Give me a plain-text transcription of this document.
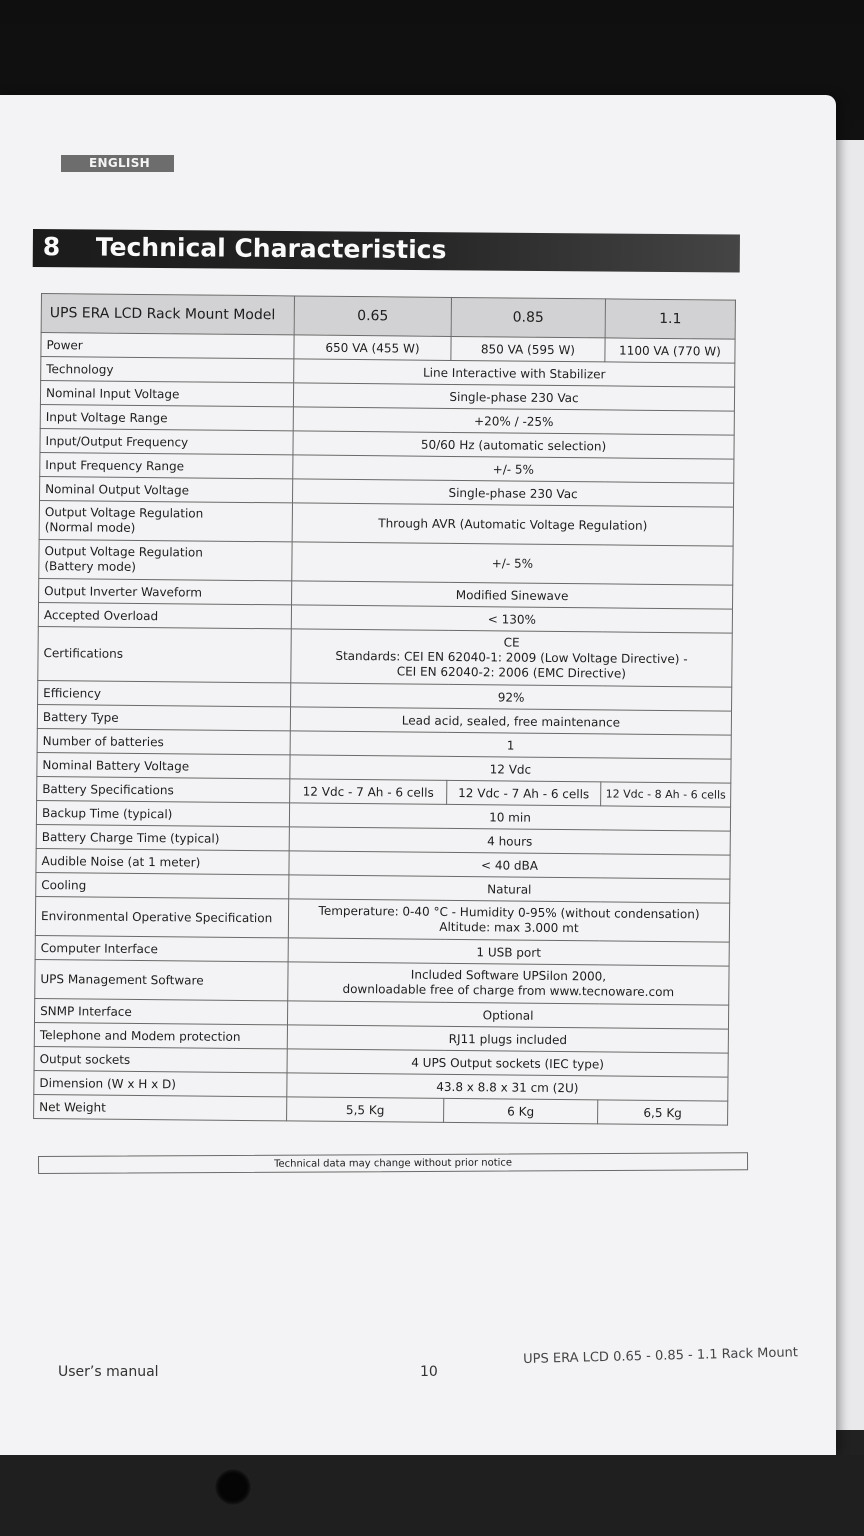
ENGLISH
8 Technical Characteristics
UPS ERA LCD Rack Mount Model	0.65	0.85	1.1
Power	650 VA (455 W)	850 VA (595 W)	1100 VA (770 W)
Technology	Line Interactive with Stabilizer		
Nominal Input Voltage	Single-phase 230 Vac		
Input Voltage Range	+20% / -25%		
Input/Output Frequency	50/60 Hz (automatic selection)		
Input Frequency Range	+/- 5%		
Nominal Output Voltage	Single-phase 230 Vac		

Output Voltage Regulation
(Normal mode)	Through AVR (Automatic Voltage Regulation)		

Output Voltage Regulation
(Battery mode)	+/- 5%		
Output Inverter Waveform	Modified Sinewave		
Accepted Overload	< 130%		
Certifications	CE
Standards: CEI EN 62040-1: 2009 (Low Voltage Directive) -
CEI EN 62040-2: 2006 (EMC Directive)		

Efficiency	92%		
Battery Type	Lead acid, sealed, free maintenance		
Number of batteries	1		
Nominal Battery Voltage	12 Vdc		
Battery Specifications	12 Vdc - 7 Ah - 6 cells	12 Vdc - 7 Ah - 6 cells	12 Vdc - 8 Ah - 6 cells
Backup Time (typical)	10 min		
Battery Charge Time (typical)	4 hours		
Audible Noise (at 1 meter)	< 40 dBA		
Cooling	Natural		
Environmental Operative Specification	Temperature: 0-40 °C - Humidity 0-95% (without condensation)
Altitude: max 3.000 mt		

Computer Interface	1 USB port		
UPS Management Software	Included Software UPSilon 2000,
downloadable free of charge from www.tecnoware.com		

SNMP Interface	Optional		
Telephone and Modem protection	RJ11 plugs included		
Output sockets	4 UPS Output sockets (IEC type)		
Dimension (W x H x D)	43.8 x 8.8 x 31 cm (2U)		
Net Weight	5,5 Kg	6 Kg	6,5 Kg
Technical data may change without prior notice
User’s manual	10
UPS ERA LCD 0.65 - 0.85 - 1.1 Rack Mount
